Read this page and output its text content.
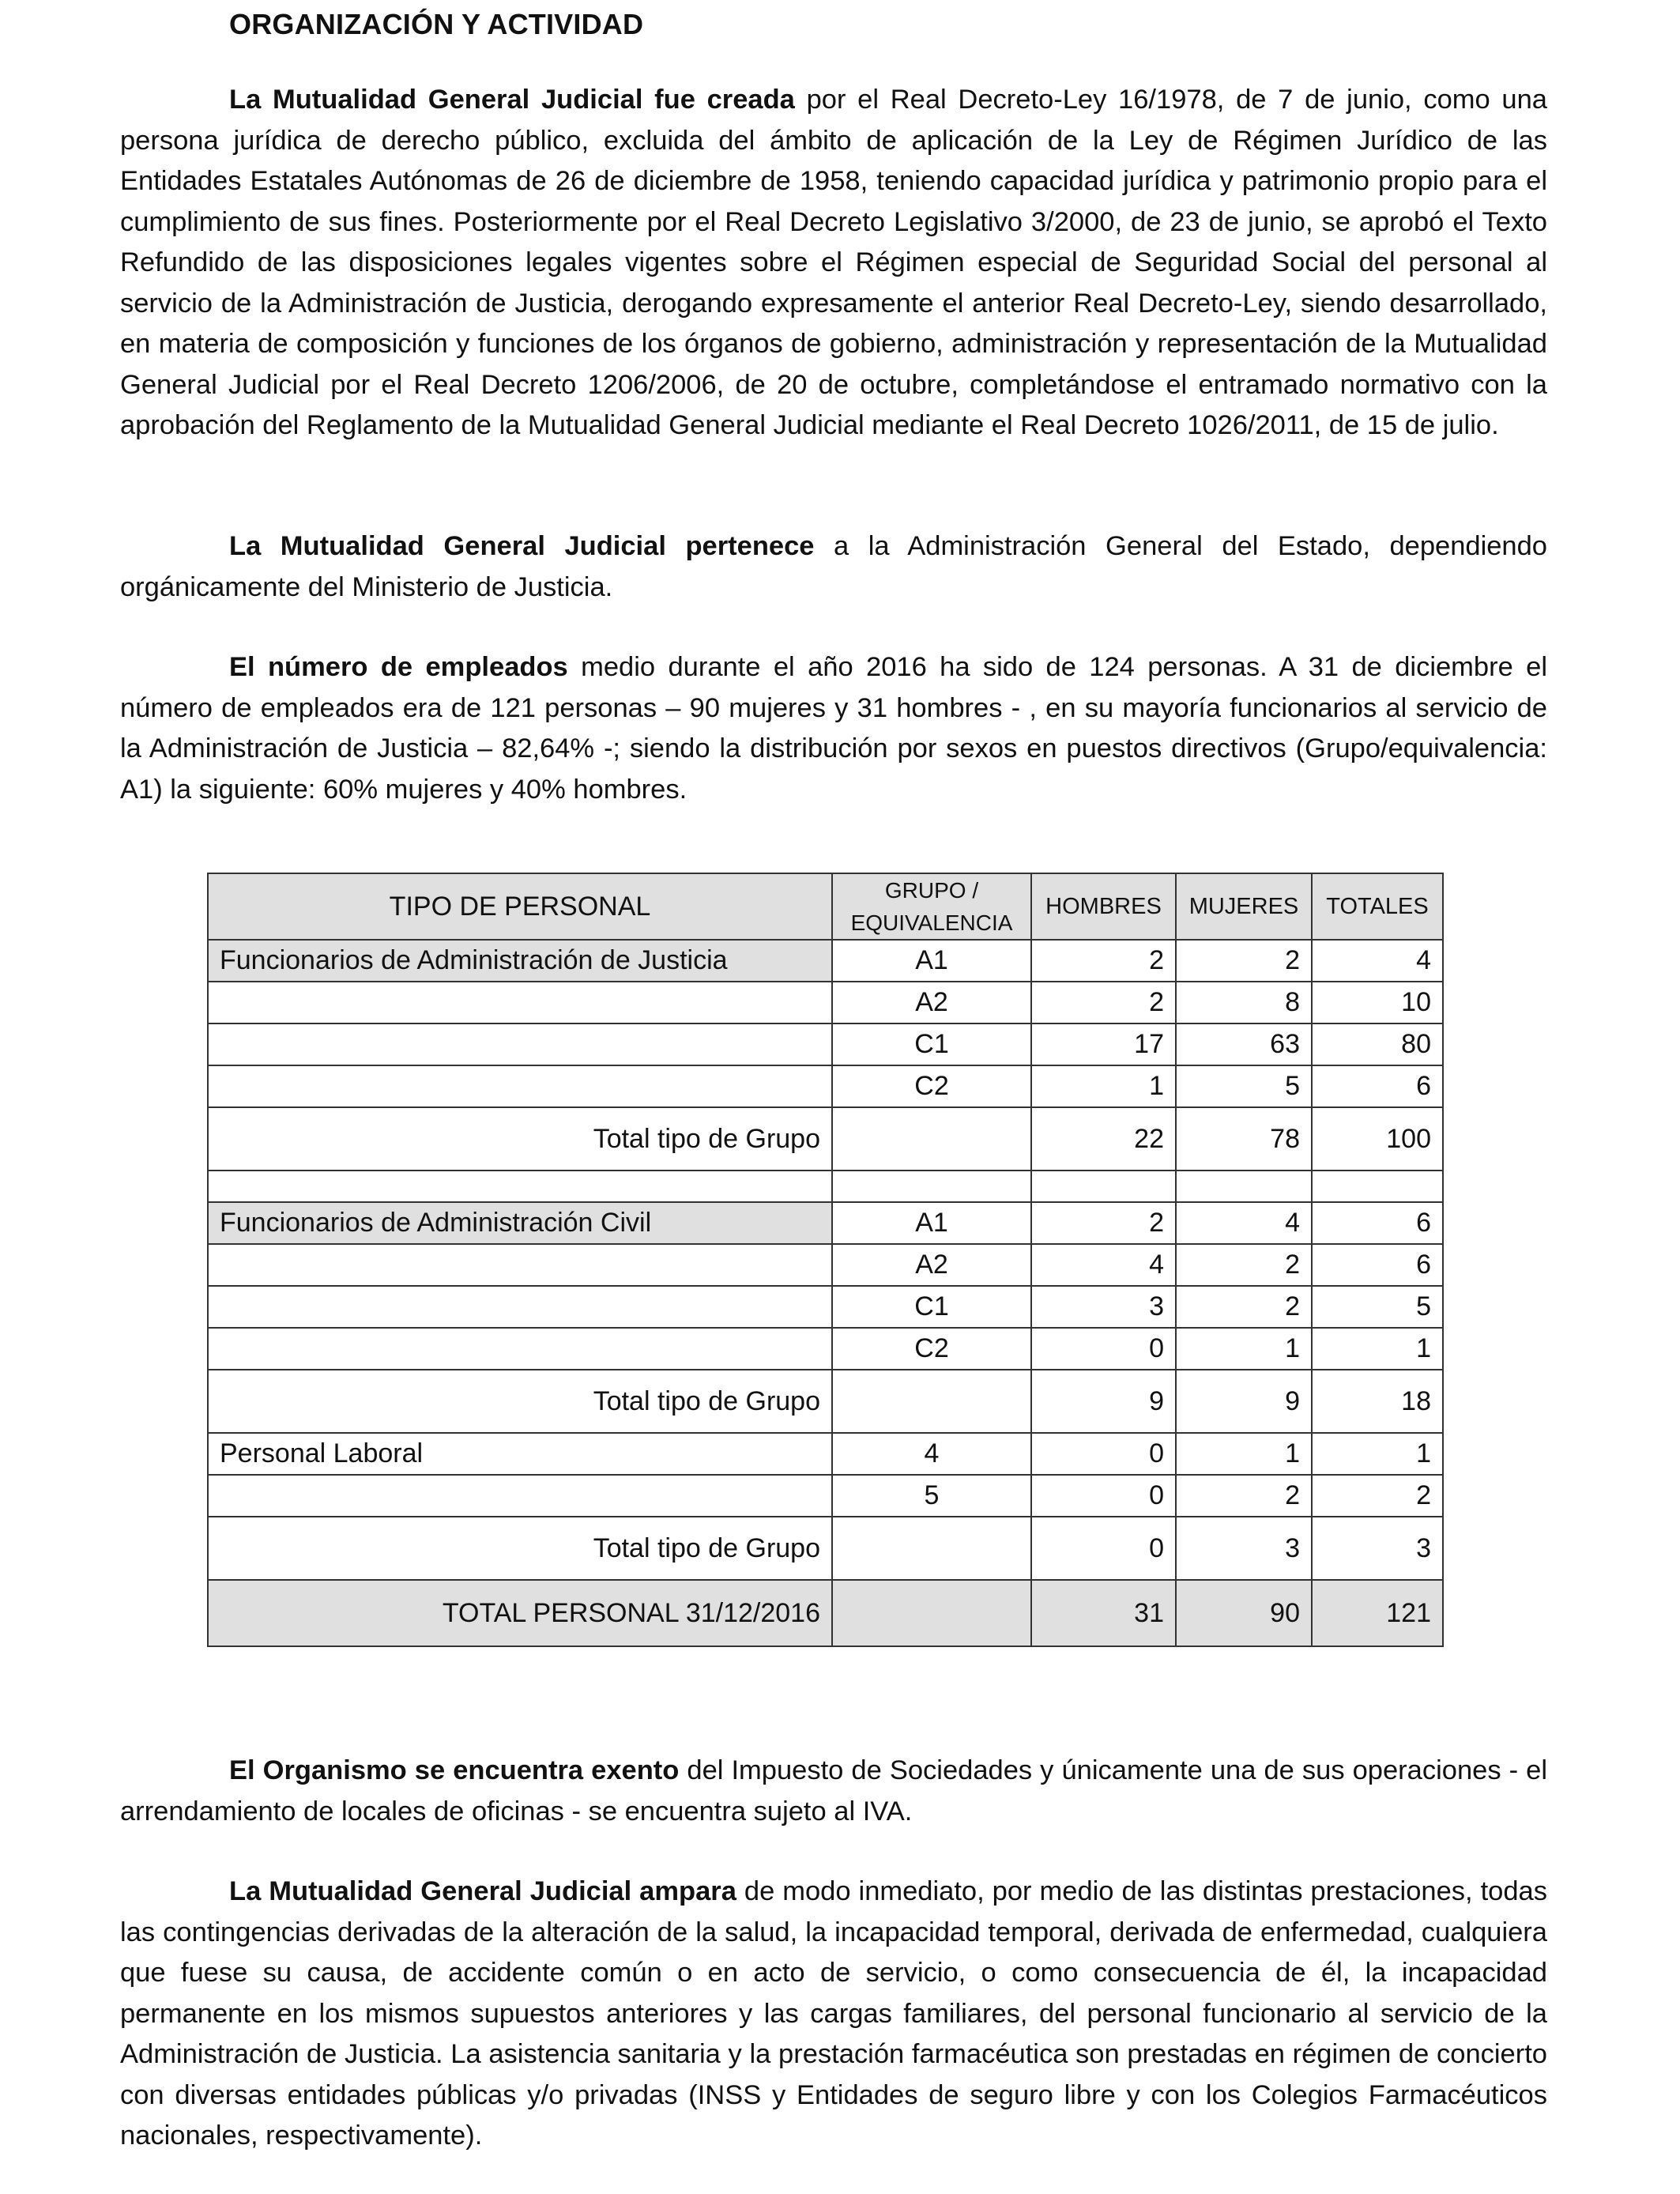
ORGANIZACIÓN Y ACTIVIDAD
La Mutualidad General Judicial fue creada por el Real Decreto-Ley 16/1978, de 7 de junio, como una persona jurídica de derecho público, excluida del ámbito de aplicación de la Ley de Régimen Jurídico de las Entidades Estatales Autónomas de 26 de diciembre de 1958, teniendo capacidad jurídica y patrimonio propio para el cumplimiento de sus fines. Posteriormente por el Real Decreto Legislativo 3/2000, de 23 de junio, se aprobó el Texto Refundido de las disposiciones legales vigentes sobre el Régimen especial de Seguridad Social del personal al servicio de la Administración de Justicia, derogando expresamente el anterior Real Decreto-Ley, siendo desarrollado, en materia de composición y funciones de los órganos de gobierno, administración y representación de la Mutualidad General Judicial por el Real Decreto 1206/2006, de 20 de octubre, completándose el entramado normativo con la aprobación del Reglamento de la Mutualidad General Judicial mediante el Real Decreto 1026/2011, de 15 de julio.
La Mutualidad General Judicial pertenece a la Administración General del Estado, dependiendo orgánicamente del Ministerio de Justicia.
El número de empleados medio durante el año 2016 ha sido de 124 personas. A 31 de diciembre el número de empleados era de 121 personas – 90 mujeres y 31 hombres - , en su mayoría funcionarios al servicio de la Administración de Justicia – 82,64% -; siendo la distribución por sexos en puestos directivos (Grupo/equivalencia: A1) la siguiente: 60% mujeres y 40% hombres.
TIPO DE PERSONAL	GRUPO / EQUIVALENCIA	HOMBRES	MUJERES	TOTALES
Funcionarios de Administración de Justicia	A1	2	2	4
	A2	2	8	10
	C1	17	63	80
	C2	1	5	6
Total tipo de Grupo		22	78	100

Funcionarios de Administración Civil	A1	2	4	6
	A2	4	2	6
	C1	3	2	5
	C2	0	1	1
Total tipo de Grupo		9	9	18
Personal Laboral	4	0	1	1
	5	0	2	2
Total tipo de Grupo		0	3	3
TOTAL PERSONAL 31/12/2016		31	90	121
El Organismo se encuentra exento del Impuesto de Sociedades y únicamente una de sus operaciones - el arrendamiento de locales de oficinas - se encuentra sujeto al IVA.
La Mutualidad General Judicial ampara de modo inmediato, por medio de las distintas prestaciones, todas las contingencias derivadas de la alteración de la salud, la incapacidad temporal, derivada de enfermedad, cualquiera que fuese su causa, de accidente común o en acto de servicio, o como consecuencia de él, la incapacidad permanente en los mismos supuestos anteriores y las cargas familiares, del personal funcionario al servicio de la Administración de Justicia. La asistencia sanitaria y la prestación farmacéutica son prestadas en régimen de concierto con diversas entidades públicas y/o privadas (INSS y Entidades de seguro libre y con los Colegios Farmacéuticos nacionales, respectivamente).
